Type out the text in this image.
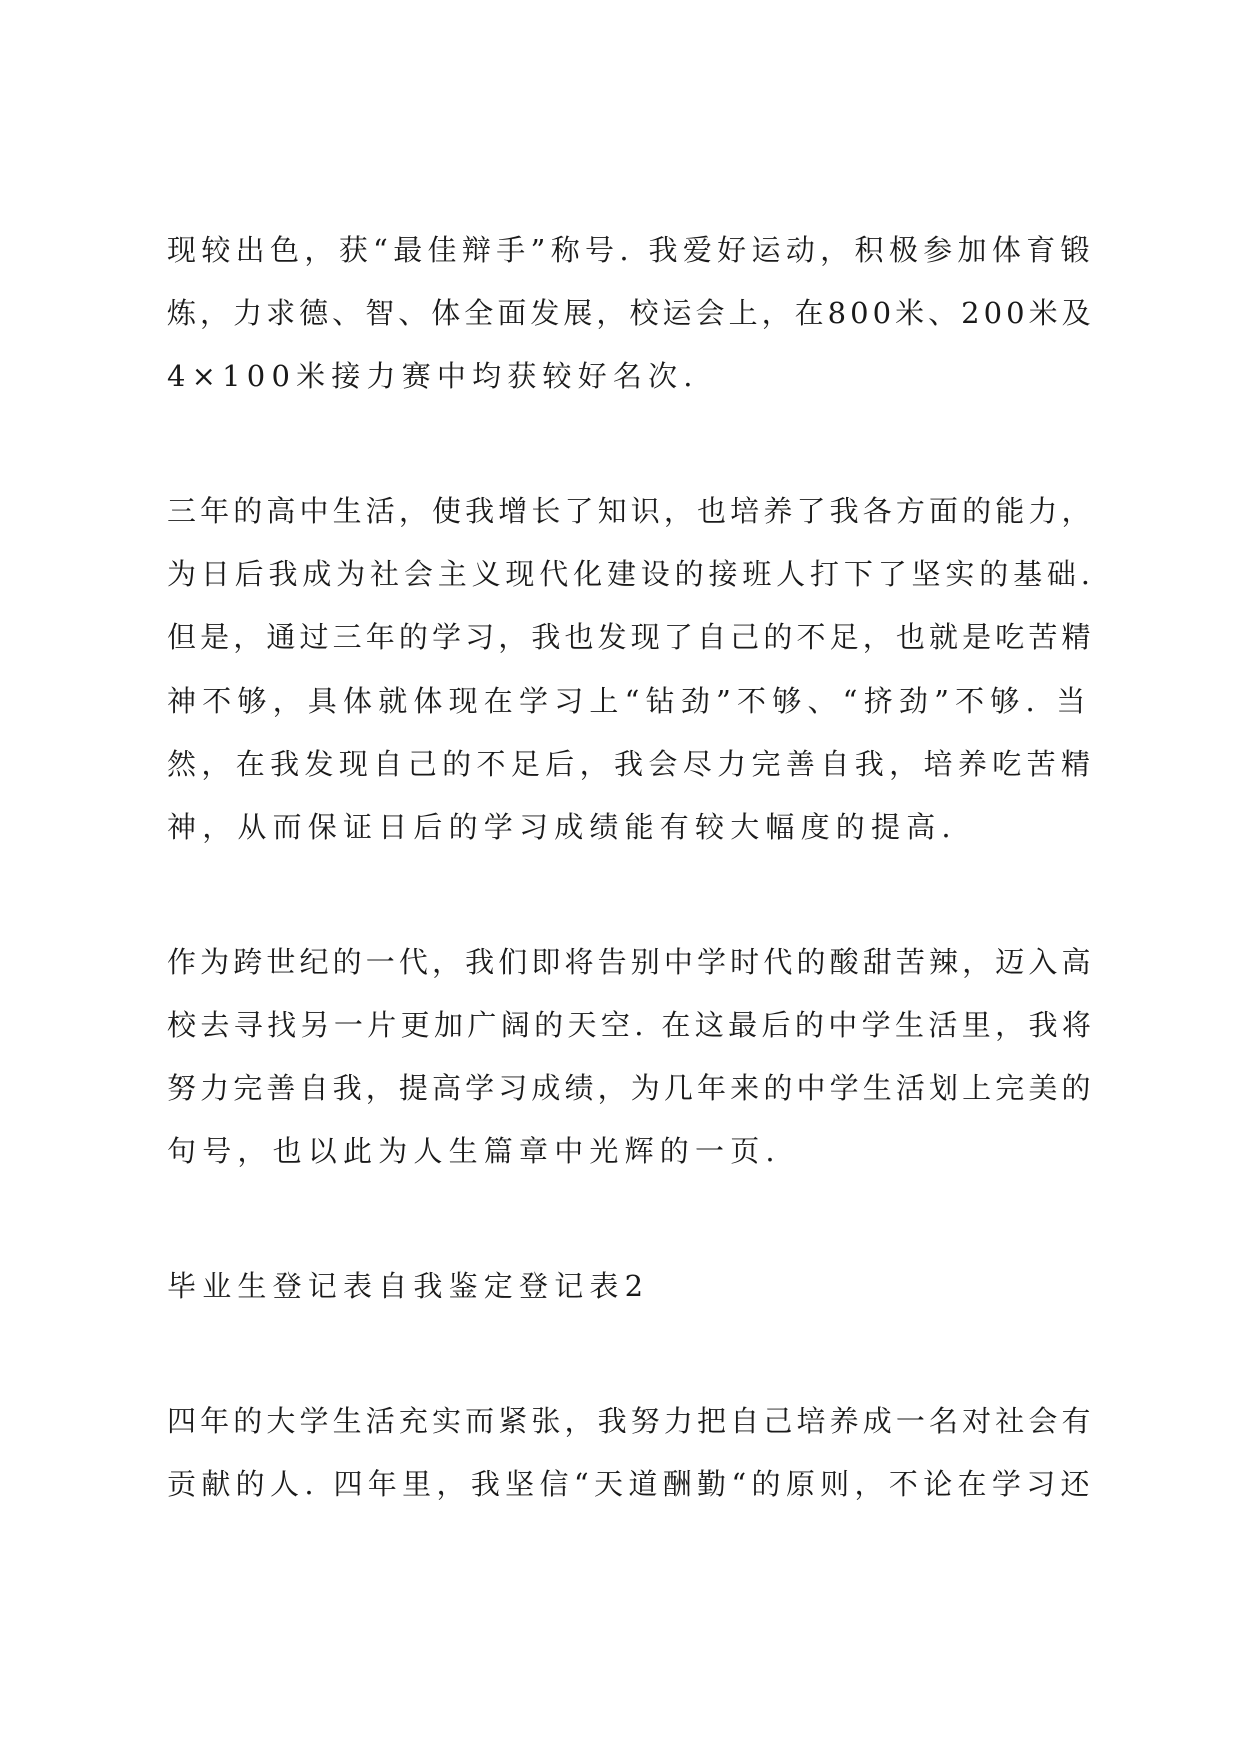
现较出色，获“最佳辩手”称号. 我爱好运动，积极参加体育锻
炼，力求德、智、体全面发展，校运会上，在800米、200米及
4×100米接力赛中均获较好名次.
三年的高中生活，使我增长了知识，也培养了我各方面的能力，
为日后我成为社会主义现代化建设的接班人打下了坚实的基础.
但是，通过三年的学习，我也发现了自己的不足，也就是吃苦精
神不够，具体就体现在学习上“钻劲”不够、“挤劲”不够. 当
然，在我发现自己的不足后，我会尽力完善自我，培养吃苦精
神，从而保证日后的学习成绩能有较大幅度的提高.
作为跨世纪的一代，我们即将告别中学时代的酸甜苦辣，迈入高
校去寻找另一片更加广阔的天空. 在这最后的中学生活里，我将
努力完善自我，提高学习成绩，为几年来的中学生活划上完美的
句号，也以此为人生篇章中光辉的一页.
毕业生登记表自我鉴定登记表2
四年的大学生活充实而紧张，我努力把自己培养成一名对社会有
贡献的人. 四年里，我坚信“天道酬勤“的原则，不论在学习还
